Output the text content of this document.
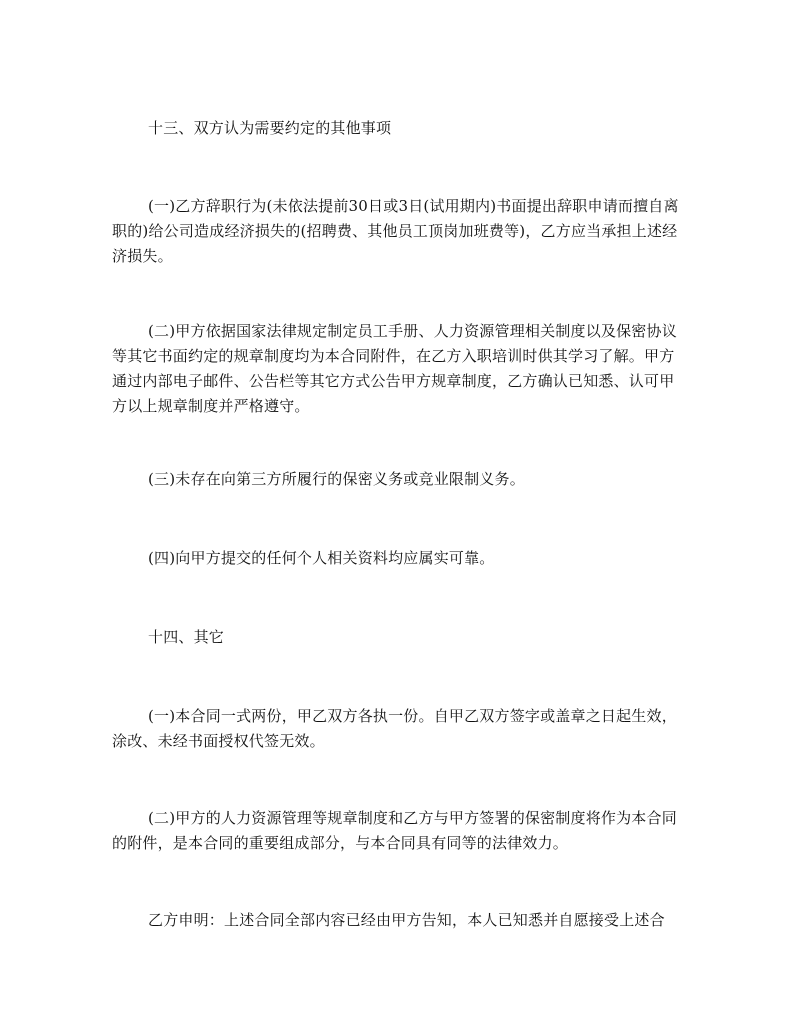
十三、双方认为需要约定的其他事项

(一)乙方辞职行为(未依法提前30日或3日(试用期内)书面提出辞职申请而擅自离职的)给公司造成经济损失的(招聘费、其他员工顶岗加班费等)，乙方应当承担上述经济损失。

(二)甲方依据国家法律规定制定员工手册、人力资源管理相关制度以及保密协议等其它书面约定的规章制度均为本合同附件，在乙方入职培训时供其学习了解。甲方通过内部电子邮件、公告栏等其它方式公告甲方规章制度，乙方确认已知悉、认可甲方以上规章制度并严格遵守。

(三)未存在向第三方所履行的保密义务或竞业限制义务。

(四)向甲方提交的任何个人相关资料均应属实可靠。

十四、其它

(一)本合同一式两份，甲乙双方各执一份。自甲乙双方签字或盖章之日起生效，涂改、未经书面授权代签无效。

(二)甲方的人力资源管理等规章制度和乙方与甲方签署的保密制度将作为本合同的附件，是本合同的重要组成部分，与本合同具有同等的法律效力。

乙方申明：上述合同全部内容已经由甲方告知，本人已知悉并自愿接受上述合
